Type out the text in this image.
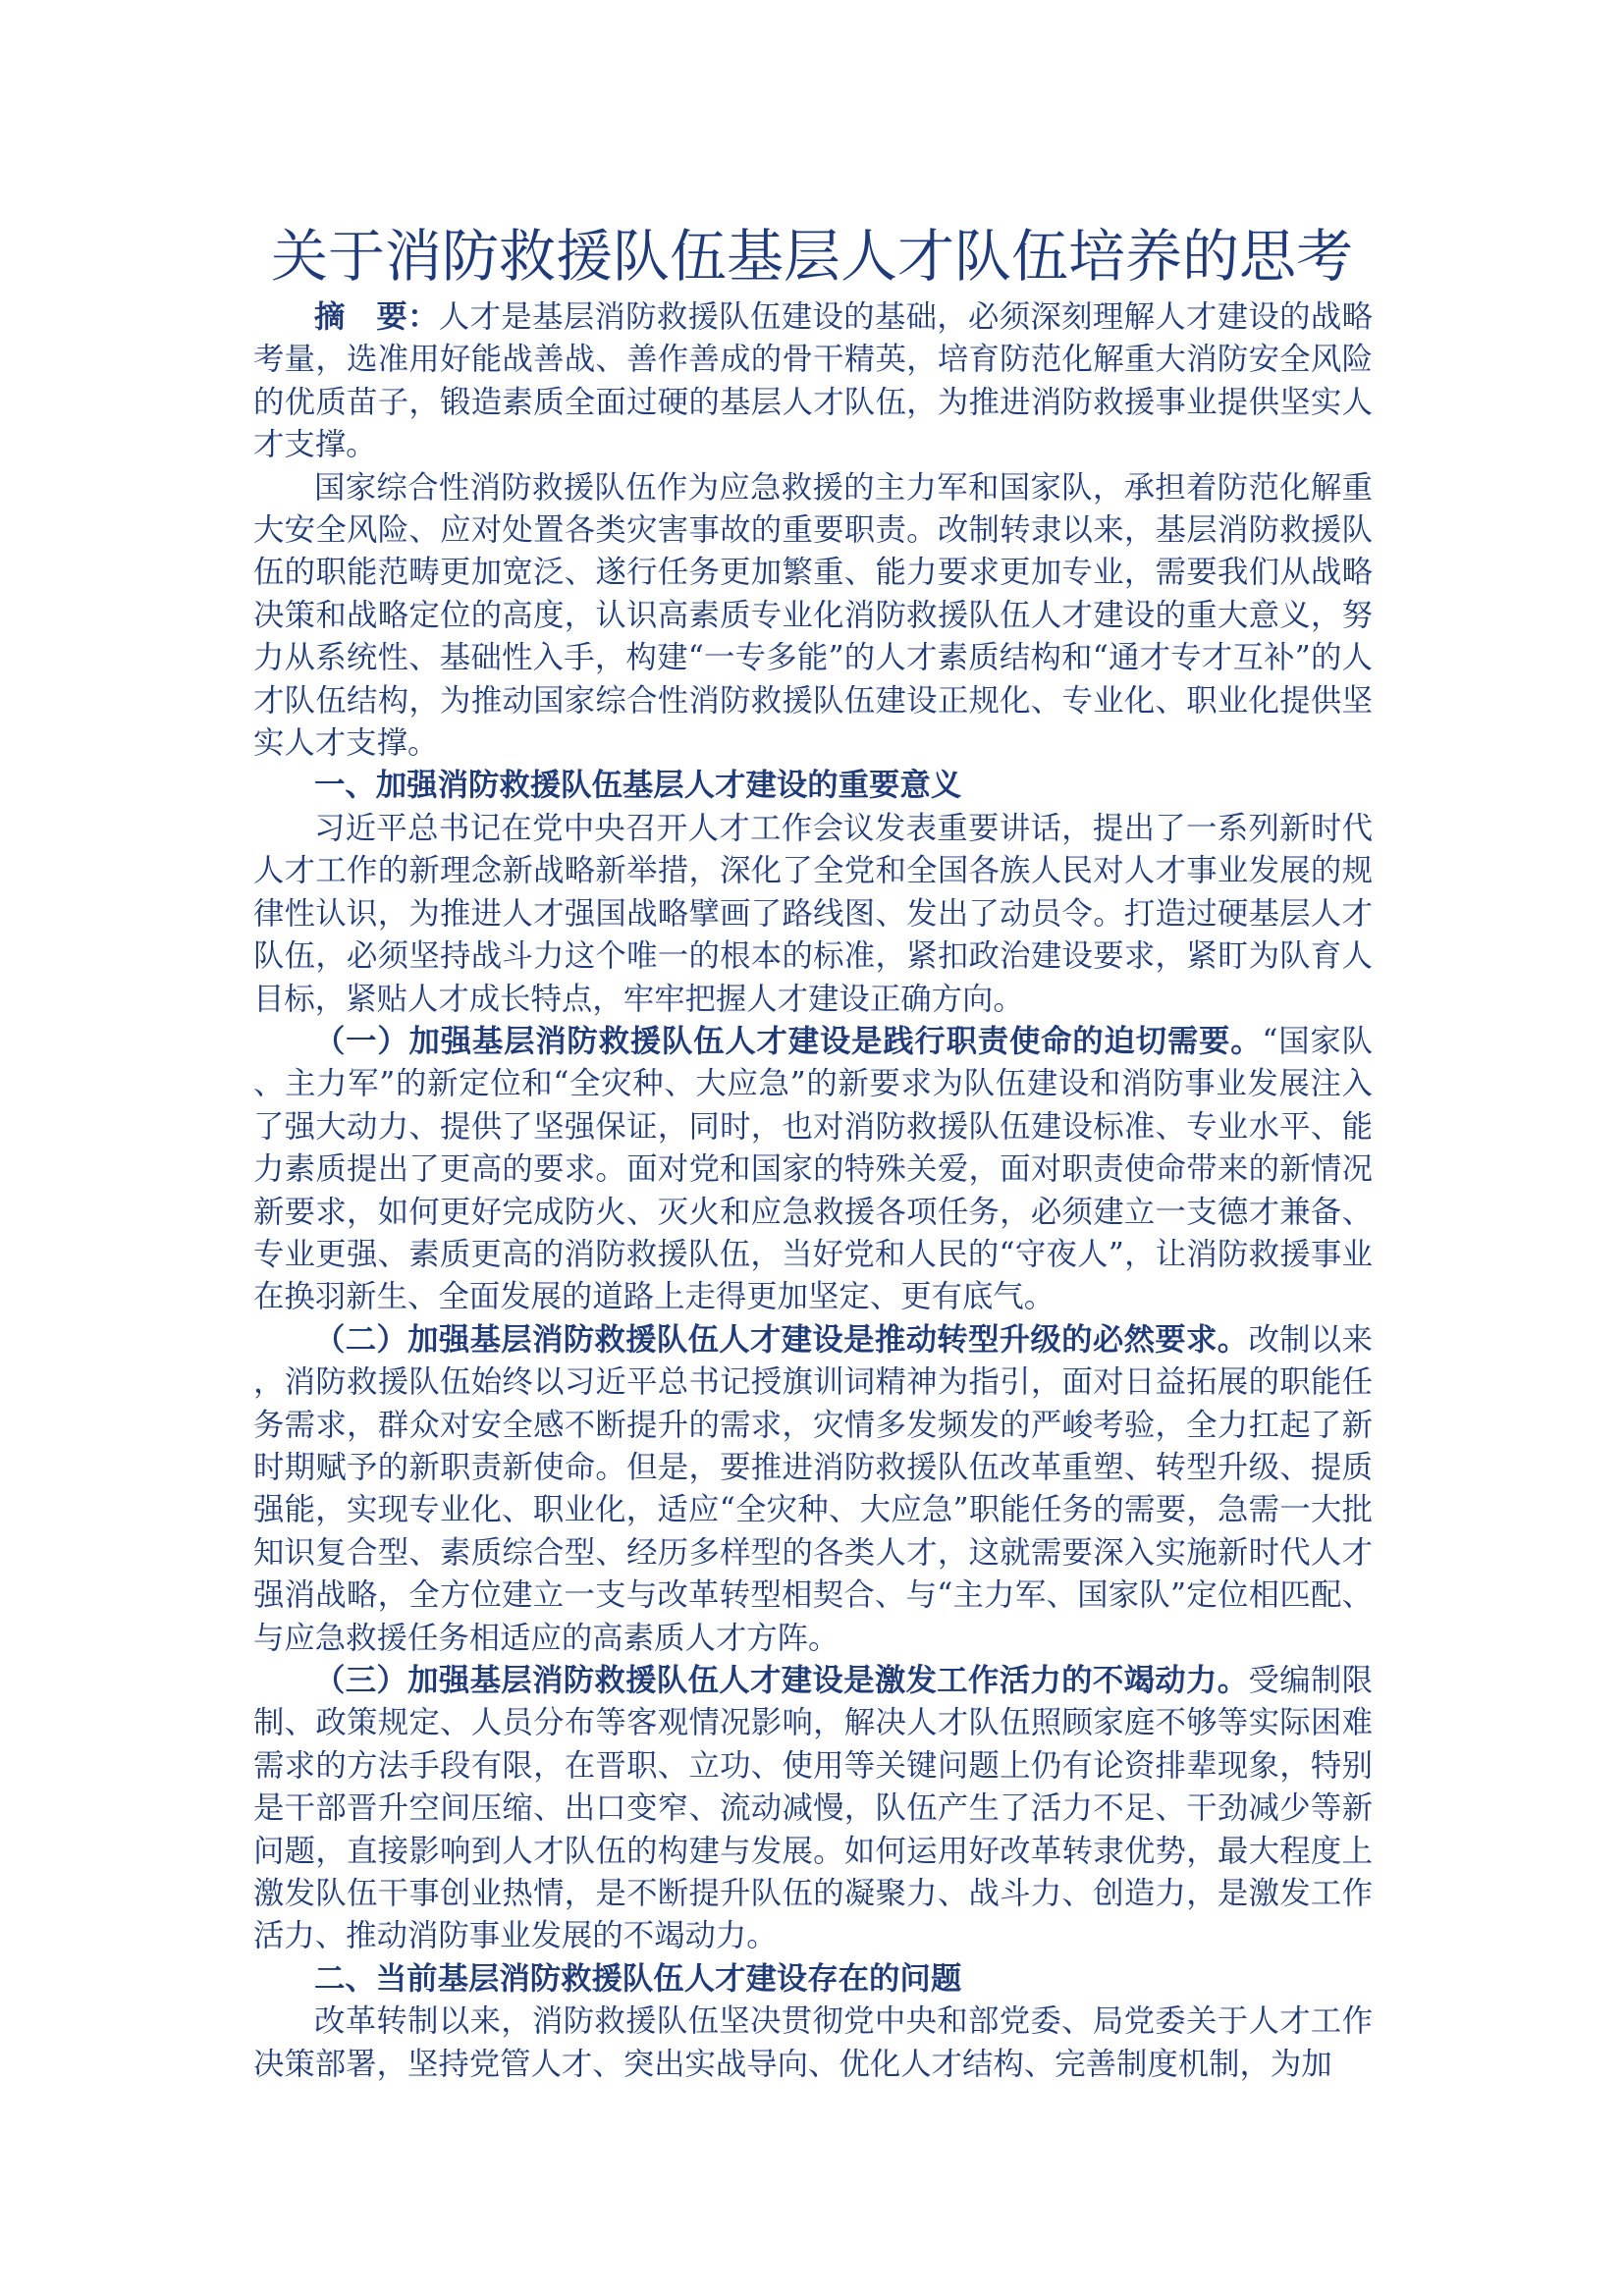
关于消防救援队伍基层人才队伍培养的思考

摘　要：人才是基层消防救援队伍建设的基础，必须深刻理解人才建设的战略考量，选准用好能战善战、善作善成的骨干精英，培育防范化解重大消防安全风险的优质苗子，锻造素质全面过硬的基层人才队伍，为推进消防救援事业提供坚实人才支撑。

国家综合性消防救援队伍作为应急救援的主力军和国家队，承担着防范化解重大安全风险、应对处置各类灾害事故的重要职责。改制转隶以来，基层消防救援队伍的职能范畴更加宽泛、遂行任务更加繁重、能力要求更加专业，需要我们从战略决策和战略定位的高度，认识高素质专业化消防救援队伍人才建设的重大意义，努力从系统性、基础性入手，构建“一专多能”的人才素质结构和“通才专才互补”的人才队伍结构，为推动国家综合性消防救援队伍建设正规化、专业化、职业化提供坚实人才支撑。

一、加强消防救援队伍基层人才建设的重要意义

习近平总书记在党中央召开人才工作会议发表重要讲话，提出了一系列新时代人才工作的新理念新战略新举措，深化了全党和全国各族人民对人才事业发展的规律性认识，为推进人才强国战略擘画了路线图、发出了动员令。打造过硬基层人才队伍，必须坚持战斗力这个唯一的根本的标准，紧扣政治建设要求，紧盯为队育人目标，紧贴人才成长特点，牢牢把握人才建设正确方向。

（一）加强基层消防救援队伍人才建设是践行职责使命的迫切需要。“国家队、主力军”的新定位和“全灾种、大应急”的新要求为队伍建设和消防事业发展注入了强大动力、提供了坚强保证，同时，也对消防救援队伍建设标准、专业水平、能力素质提出了更高的要求。面对党和国家的特殊关爱，面对职责使命带来的新情况新要求，如何更好完成防火、灭火和应急救援各项任务，必须建立一支德才兼备、专业更强、素质更高的消防救援队伍，当好党和人民的“守夜人”，让消防救援事业在换羽新生、全面发展的道路上走得更加坚定、更有底气。

（二）加强基层消防救援队伍人才建设是推动转型升级的必然要求。改制以来，消防救援队伍始终以习近平总书记授旗训词精神为指引，面对日益拓展的职能任务需求，群众对安全感不断提升的需求，灾情多发频发的严峻考验，全力扛起了新时期赋予的新职责新使命。但是，要推进消防救援队伍改革重塑、转型升级、提质强能，实现专业化、职业化，适应“全灾种、大应急”职能任务的需要，急需一大批知识复合型、素质综合型、经历多样型的各类人才，这就需要深入实施新时代人才强消战略，全方位建立一支与改革转型相契合、与“主力军、国家队”定位相匹配、与应急救援任务相适应的高素质人才方阵。

（三）加强基层消防救援队伍人才建设是激发工作活力的不竭动力。受编制限制、政策规定、人员分布等客观情况影响，解决人才队伍照顾家庭不够等实际困难需求的方法手段有限，在晋职、立功、使用等关键问题上仍有论资排辈现象，特别是干部晋升空间压缩、出口变窄、流动减慢，队伍产生了活力不足、干劲减少等新问题，直接影响到人才队伍的构建与发展。如何运用好改革转隶优势，最大程度上激发队伍干事创业热情，是不断提升队伍的凝聚力、战斗力、创造力，是激发工作活力、推动消防事业发展的不竭动力。

二、当前基层消防救援队伍人才建设存在的问题

改革转制以来，消防救援队伍坚决贯彻党中央和部党委、局党委关于人才工作决策部署，坚持党管人才、突出实战导向、优化人才结构、完善制度机制，为加
